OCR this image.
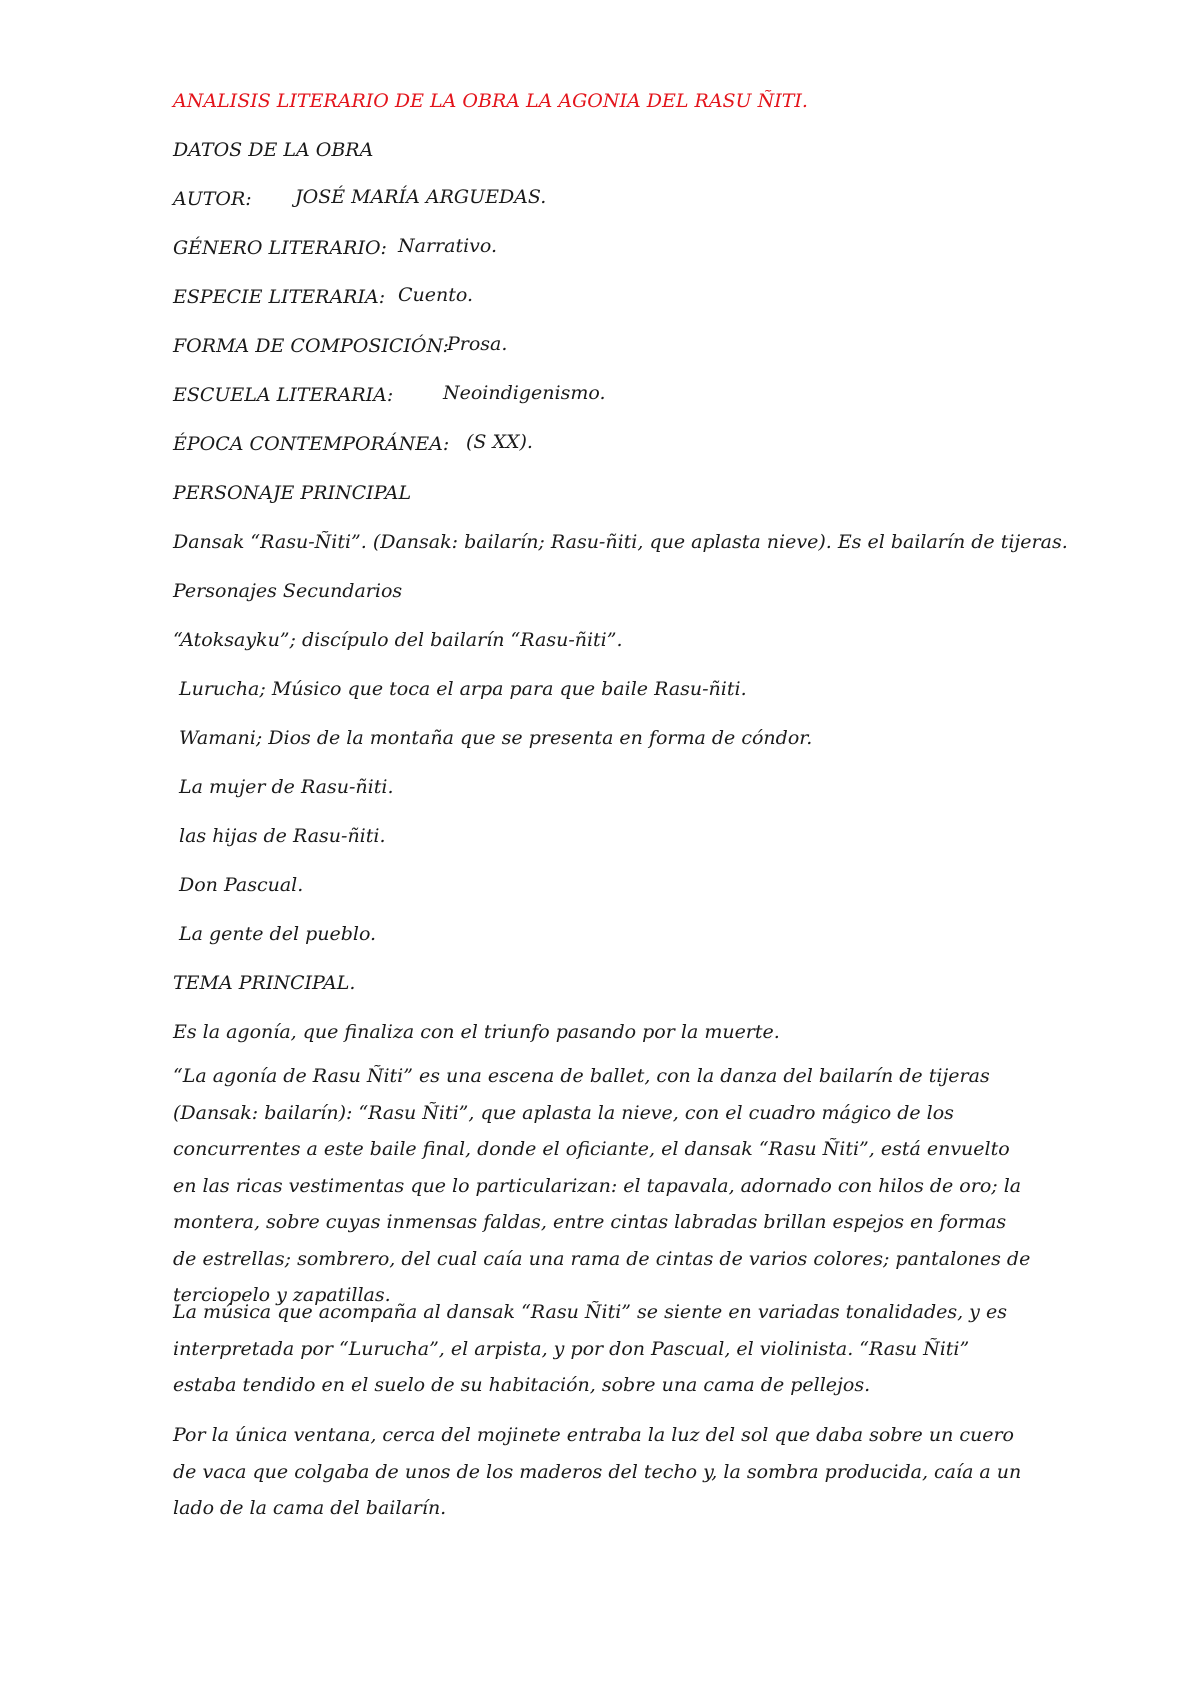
ANALISIS LITERARIO DE LA OBRA LA AGONIA DEL RASU ÑITI.
DATOS DE LA OBRA
AUTOR: JOSÉ MARÍA ARGUEDAS.
GÉNERO LITERARIO: Narrativo.
ESPECIE LITERARIA: Cuento.
FORMA DE COMPOSICIÓN:
Prosa.
ESCUELA LITERARIA:	Neoindigenismo.
ÉPOCA CONTEMPORÁNEA: (S XX).
PERSONAJE PRINCIPAL
Dansak “Rasu-Ñiti”. (Dansak: bailarín; Rasu-ñiti, que aplasta nieve). Es el bailarín de tijeras.
Personajes Secundarios
“Atoksayku”; discípulo del bailarín “Rasu-ñiti”.
Lurucha; Músico que toca el arpa para que baile Rasu-ñiti.
Wamani; Dios de la montaña que se presenta en forma de cóndor.
La mujer de Rasu-ñiti.
las hijas de Rasu-ñiti.
Don Pascual.
La gente del pueblo.
TEMA PRINCIPAL.
Es la agonía, que finaliza con el triunfo pasando por la muerte.

“La agonía de Rasu Ñiti” es una escena de ballet, con la danza del bailarín de tijeras (Dansak: bailarín): “Rasu Ñiti”, que aplasta la nieve, con el cuadro mágico de los concurrentes a este baile final, donde el oficiante, el dansak “Rasu Ñiti”, está envuelto en las ricas vestimentas que lo particularizan: el tapavala, adornado con hilos de oro; la montera, sobre cuyas inmensas faldas, entre cintas labradas brillan espejos en formas de estrellas; sombrero, del cual caía una rama de cintas de varios colores; pantalones de terciopelo y zapatillas.

La música que acompaña al dansak “Rasu Ñiti” se siente en variadas tonalidades, y es interpretada por “Lurucha”, el arpista, y por don Pascual, el violinista. “Rasu Ñiti” estaba tendido en el suelo de su habitación, sobre una cama de pellejos.

Por la única ventana, cerca del mojinete entraba la luz del sol que daba sobre un cuero de vaca que colgaba de unos de los maderos del techo y, la sombra producida, caía a un lado de la cama del bailarín.
